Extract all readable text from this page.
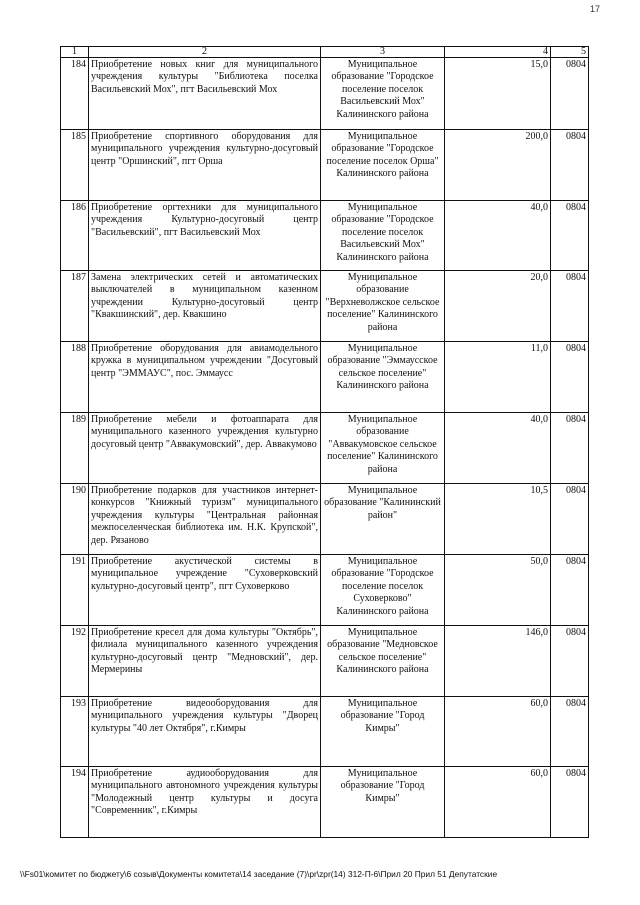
17
1	2	3	4	5
184	Приобретение новых книг для муниципального учреждения культуры "Библиотека поселка Васильевский Мох", пгт Васильевский Мох	Муниципальное образование "Городское поселение поселок Васильевский Мох" Калининского района	15,0	0804
185	Приобретение спортивного оборудования для муниципального учреждения культурно-досуговый центр "Оршинский", пгт Орша	Муниципальное образование "Городское поселение поселок Орша" Калининского района	200,0	0804
186	Приобретение оргтехники для муниципального учреждения Культурно-досуговый центр "Васильевский", пгт Васильевский Мох	Муниципальное образование "Городское поселение поселок Васильевский Мох" Калининского района	40,0	0804
187	Замена электрических сетей и автоматических выключателей в муниципальном казенном учреждении Культурно-досуговый центр "Квакшинский", дер. Квакшино	Муниципальное образование "Верхневолжское сельское поселение" Калининского района	20,0	0804
188	Приобретение оборудования для авиамодельного кружка в муниципальном учреждении "Досуговый центр "ЭММАУС", пос. Эммаусс	Муниципальное образование "Эммаусское сельское поселение" Калининского района	11,0	0804
189	Приобретение мебели и фотоаппарата для муниципального казенного учреждения культурно досуговый центр "Аввакумовский", дер. Аввакумово	Муниципальное образование "Аввакумовское сельское поселение" Калининского района	40,0	0804
190	Приобретение подарков для участников интернет-конкурсов "Книжный туризм" муниципального учреждения культуры "Центральная районная межпоселенческая библиотека им. Н.К. Крупской", дер. Рязаново	Муниципальное образование "Калининский район"	10,5	0804
191	Приобретение акустической системы в муниципальное учреждение "Суховерковский культурно-досуговый центр", пгт Суховерково	Муниципальное образование "Городское поселение поселок Суховерково" Калининского района	50,0	0804
192	Приобретение кресел для дома культуры "Октябрь", филиала муниципального казенного учреждения культурно-досуговый центр "Медновский", дер. Мермерины	Муниципальное образование "Медновское сельское поселение" Калининского района	146,0	0804
193	Приобретение видеооборудования для муниципального учреждения культуры "Дворец культуры "40 лет Октября", г.Кимры	Муниципальное образование "Город Кимры"	60,0	0804
194	Приобретение аудиооборудования для муниципального автономного учреждения культуры "Молодежный центр культуры и досуга "Современник", г.Кимры	Муниципальное образование "Город Кимры"	60,0	0804
\\Fs01\комитет по бюджету\6 созыв\Документы комитета\14 заседание (7)\pr\zpr(14) 312-П-6\Прил 20 Прил 51 Депутатские
